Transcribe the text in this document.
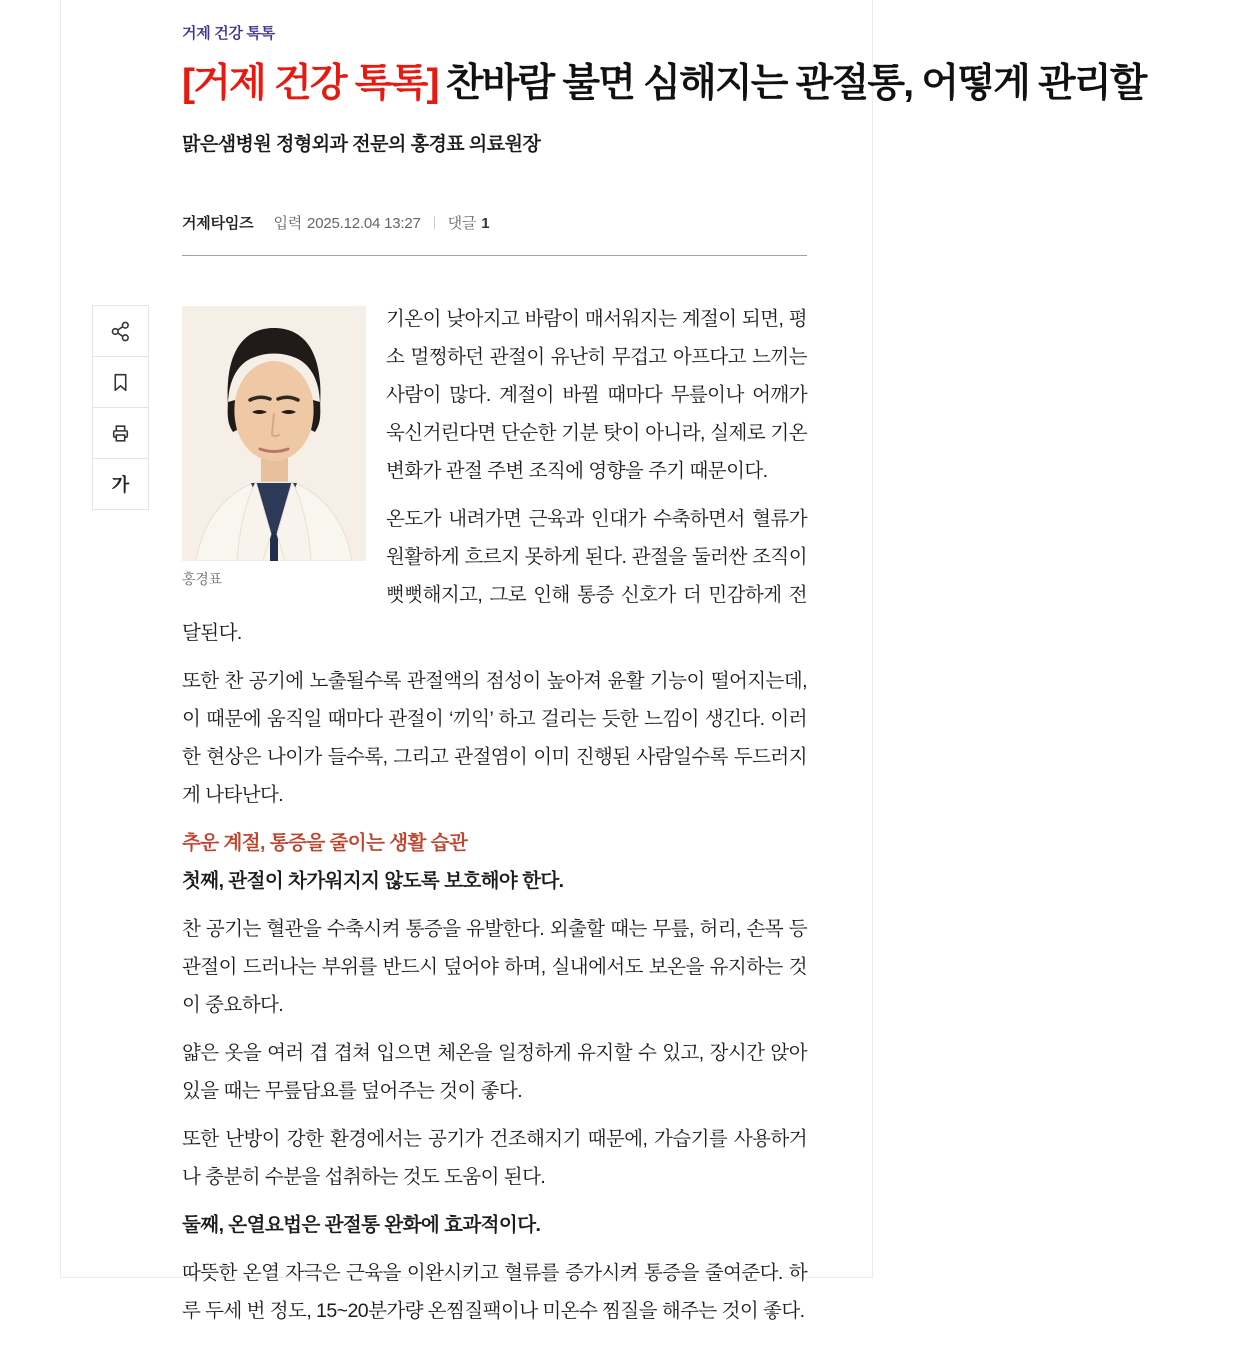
거제 건강 톡톡
[거제 건강 톡톡] 찬바람 불면 심해지는 관절통, 어떻게 관리할
맑은샘병원 정형외과 전문의 홍경표 의료원장
거제타임즈 입력 2025.12.04 13:27 댓글 1
가
홍경표

기온이 낮아지고 바람이 매서워지는 계절이 되면, 평소 멀쩡하던 관절이 유난히 무겁고 아프다고 느끼는 사람이 많다. 계절이 바뀔 때마다 무릎이나 어깨가 욱신거린다면 단순한 기분 탓이 아니라, 실제로 기온 변화가 관절 주변 조직에 영향을 주기 때문이다.

온도가 내려가면 근육과 인대가 수축하면서 혈류가 원활하게 흐르지 못하게 된다. 관절을 둘러싼 조직이 뻣뻣해지고, 그로 인해 통증 신호가 더 민감하게 전달된다.

또한 찬 공기에 노출될수록 관절액의 점성이 높아져 윤활 기능이 떨어지는데, 이 때문에 움직일 때마다 관절이 ‘끼익’ 하고 걸리는 듯한 느낌이 생긴다. 이러한 현상은 나이가 들수록, 그리고 관절염이 이미 진행된 사람일수록 두드러지게 나타난다.

추운 계절, 통증을 줄이는 생활 습관

첫째, 관절이 차가워지지 않도록 보호해야 한다.

찬 공기는 혈관을 수축시켜 통증을 유발한다. 외출할 때는 무릎, 허리, 손목 등 관절이 드러나는 부위를 반드시 덮어야 하며, 실내에서도 보온을 유지하는 것이 중요하다.

얇은 옷을 여러 겹 겹쳐 입으면 체온을 일정하게 유지할 수 있고, 장시간 앉아 있을 때는 무릎담요를 덮어주는 것이 좋다.

또한 난방이 강한 환경에서는 공기가 건조해지기 때문에, 가습기를 사용하거나 충분히 수분을 섭취하는 것도 도움이 된다.

둘째, 온열요법은 관절통 완화에 효과적이다.

따뜻한 온열 자극은 근육을 이완시키고 혈류를 증가시켜 통증을 줄여준다. 하루 두세 번 정도, 15~20분가량 온찜질팩이나 미온수 찜질을 해주는 것이 좋다.
